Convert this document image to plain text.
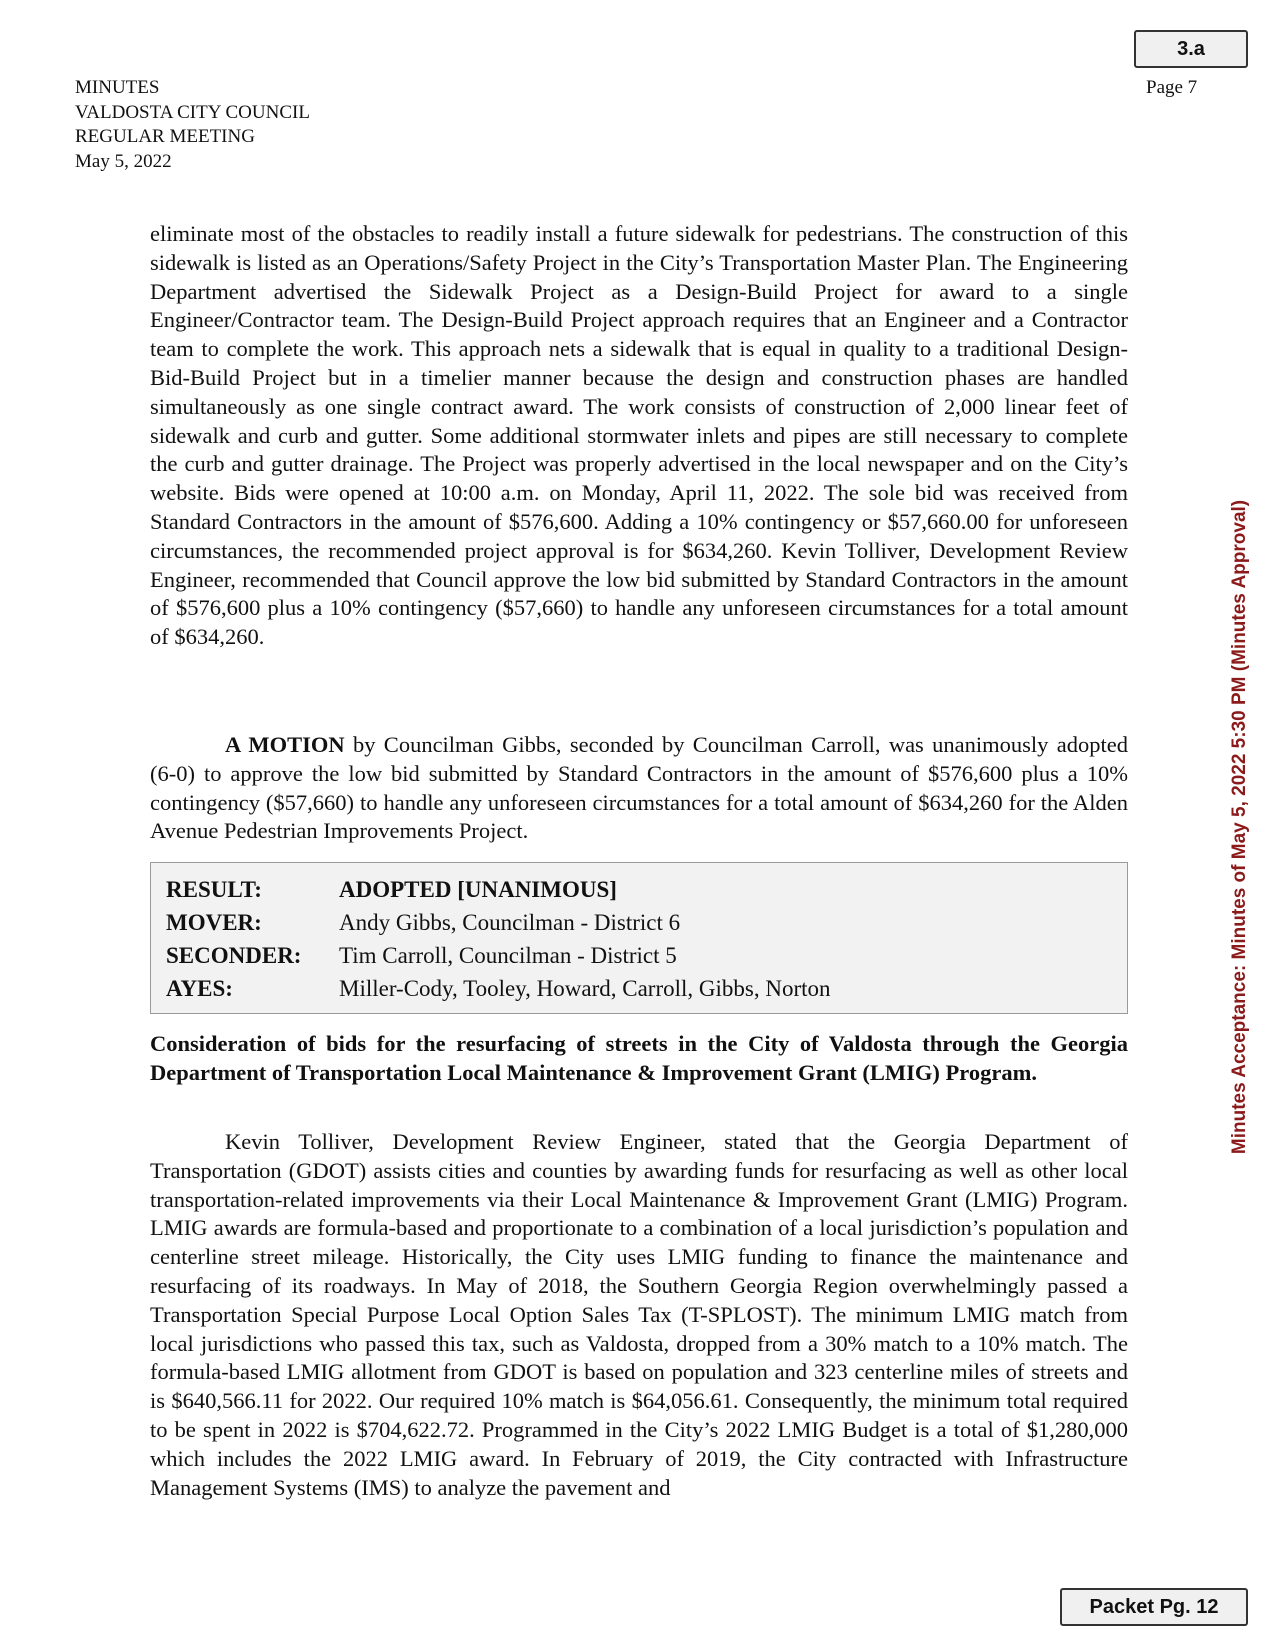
3.a
MINUTES
VALDOSTA CITY COUNCIL
REGULAR MEETING
May 5, 2022
Page 7
Minutes Acceptance: Minutes of May 5, 2022 5:30 PM (Minutes Approval)

eliminate most of the obstacles to readily install a future sidewalk for pedestrians. The construction of this sidewalk is listed as an Operations/Safety Project in the City’s Transportation Master Plan. The Engineering Department advertised the Sidewalk Project as a Design-Build Project for award to a single Engineer/Contractor team. The Design-Build Project approach requires that an Engineer and a Contractor team to complete the work. This approach nets a sidewalk that is equal in quality to a traditional Design-Bid-Build Project but in a timelier manner because the design and construction phases are handled simultaneously as one single contract award. The work consists of construction of 2,000 linear feet of sidewalk and curb and gutter. Some additional stormwater inlets and pipes are still necessary to complete the curb and gutter drainage. The Project was properly advertised in the local newspaper and on the City’s website. Bids were opened at 10:00 a.m. on Monday, April 11, 2022. The sole bid was received from Standard Contractors in the amount of $576,600. Adding a 10% contingency or $57,660.00 for unforeseen circumstances, the recommended project approval is for $634,260. Kevin Tolliver, Development Review Engineer, recommended that Council approve the low bid submitted by Standard Contractors in the amount of $576,600 plus a 10% contingency ($57,660) to handle any unforeseen circumstances for a total amount of $634,260.

A MOTION by Councilman Gibbs, seconded by Councilman Carroll, was unanimously adopted (6-0) to approve the low bid submitted by Standard Contractors in the amount of $576,600 plus a 10% contingency ($57,660) to handle any unforeseen circumstances for a total amount of $634,260 for the Alden Avenue Pedestrian Improvements Project.

RESULT:	ADOPTED [UNANIMOUS]
MOVER:	Andy Gibbs, Councilman - District 6
SECONDER:	Tim Carroll, Councilman - District 5
AYES:	Miller-Cody, Tooley, Howard, Carroll, Gibbs, Norton

Consideration of bids for the resurfacing of streets in the City of Valdosta through the Georgia Department of Transportation Local Maintenance & Improvement Grant (LMIG) Program.

Kevin Tolliver, Development Review Engineer, stated that the Georgia Department of Transportation (GDOT) assists cities and counties by awarding funds for resurfacing as well as other local transportation-related improvements via their Local Maintenance & Improvement Grant (LMIG) Program. LMIG awards are formula-based and proportionate to a combination of a local jurisdiction’s population and centerline street mileage. Historically, the City uses LMIG funding to finance the maintenance and resurfacing of its roadways. In May of 2018, the Southern Georgia Region overwhelmingly passed a Transportation Special Purpose Local Option Sales Tax (T-SPLOST). The minimum LMIG match from local jurisdictions who passed this tax, such as Valdosta, dropped from a 30% match to a 10% match. The formula-based LMIG allotment from GDOT is based on population and 323 centerline miles of streets and is $640,566.11 for 2022. Our required 10% match is $64,056.61. Consequently, the minimum total required to be spent in 2022 is $704,622.72. Programmed in the City’s 2022 LMIG Budget is a total of $1,280,000 which includes the 2022 LMIG award. In February of 2019, the City contracted with Infrastructure Management Systems (IMS) to analyze the pavement and

Packet Pg. 12
